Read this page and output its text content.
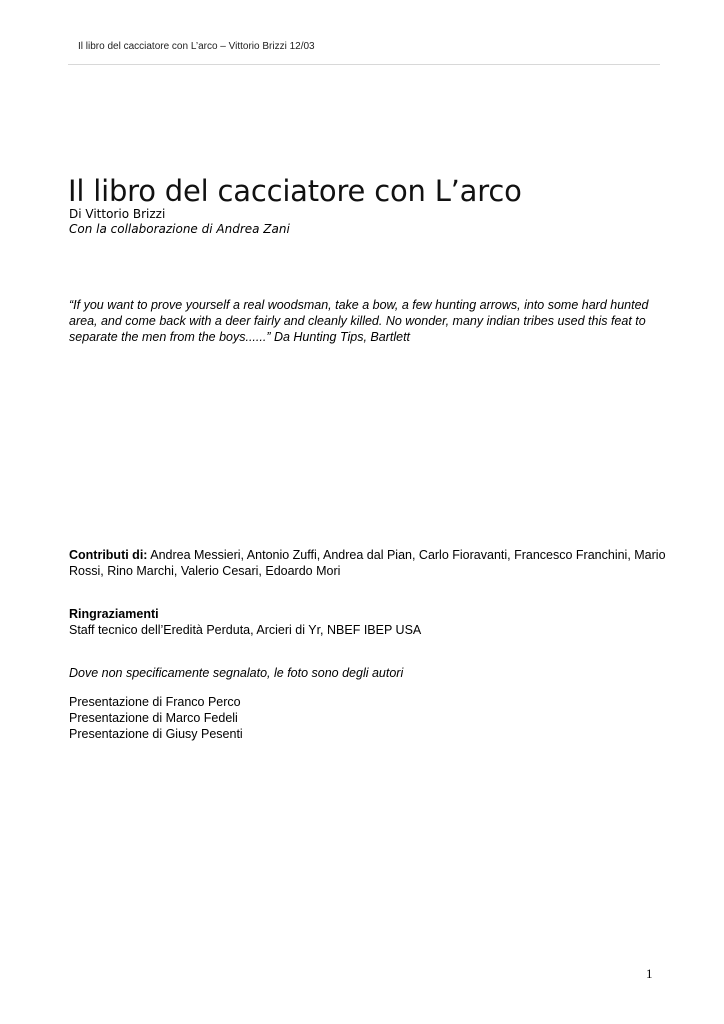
Il libro del cacciatore con L’arco – Vittorio Brizzi 12/03
Il libro del cacciatore con L’arco
Di Vittorio Brizzi
Con la collaborazione di Andrea Zani

“If you want to prove yourself a real woodsman, take a bow, a few hunting arrows, into some hard hunted
area, and come back with a deer fairly and cleanly killed. No wonder, many indian tribes used this feat to
separate the men from the boys......” Da Hunting Tips, Bartlett

Contributi di: Andrea Messieri, Antonio Zuffi, Andrea dal Pian, Carlo Fioravanti, Francesco Franchini, Mario
Rossi, Rino Marchi, Valerio Cesari, Edoardo Mori
Ringraziamenti
Staff tecnico dell’Eredità Perduta, Arcieri di Yr, NBEF IBEP USA
Dove non specificamente segnalato, le foto sono degli autori
Presentazione di Franco Perco
Presentazione di Marco Fedeli
Presentazione di Giusy Pesenti
1
